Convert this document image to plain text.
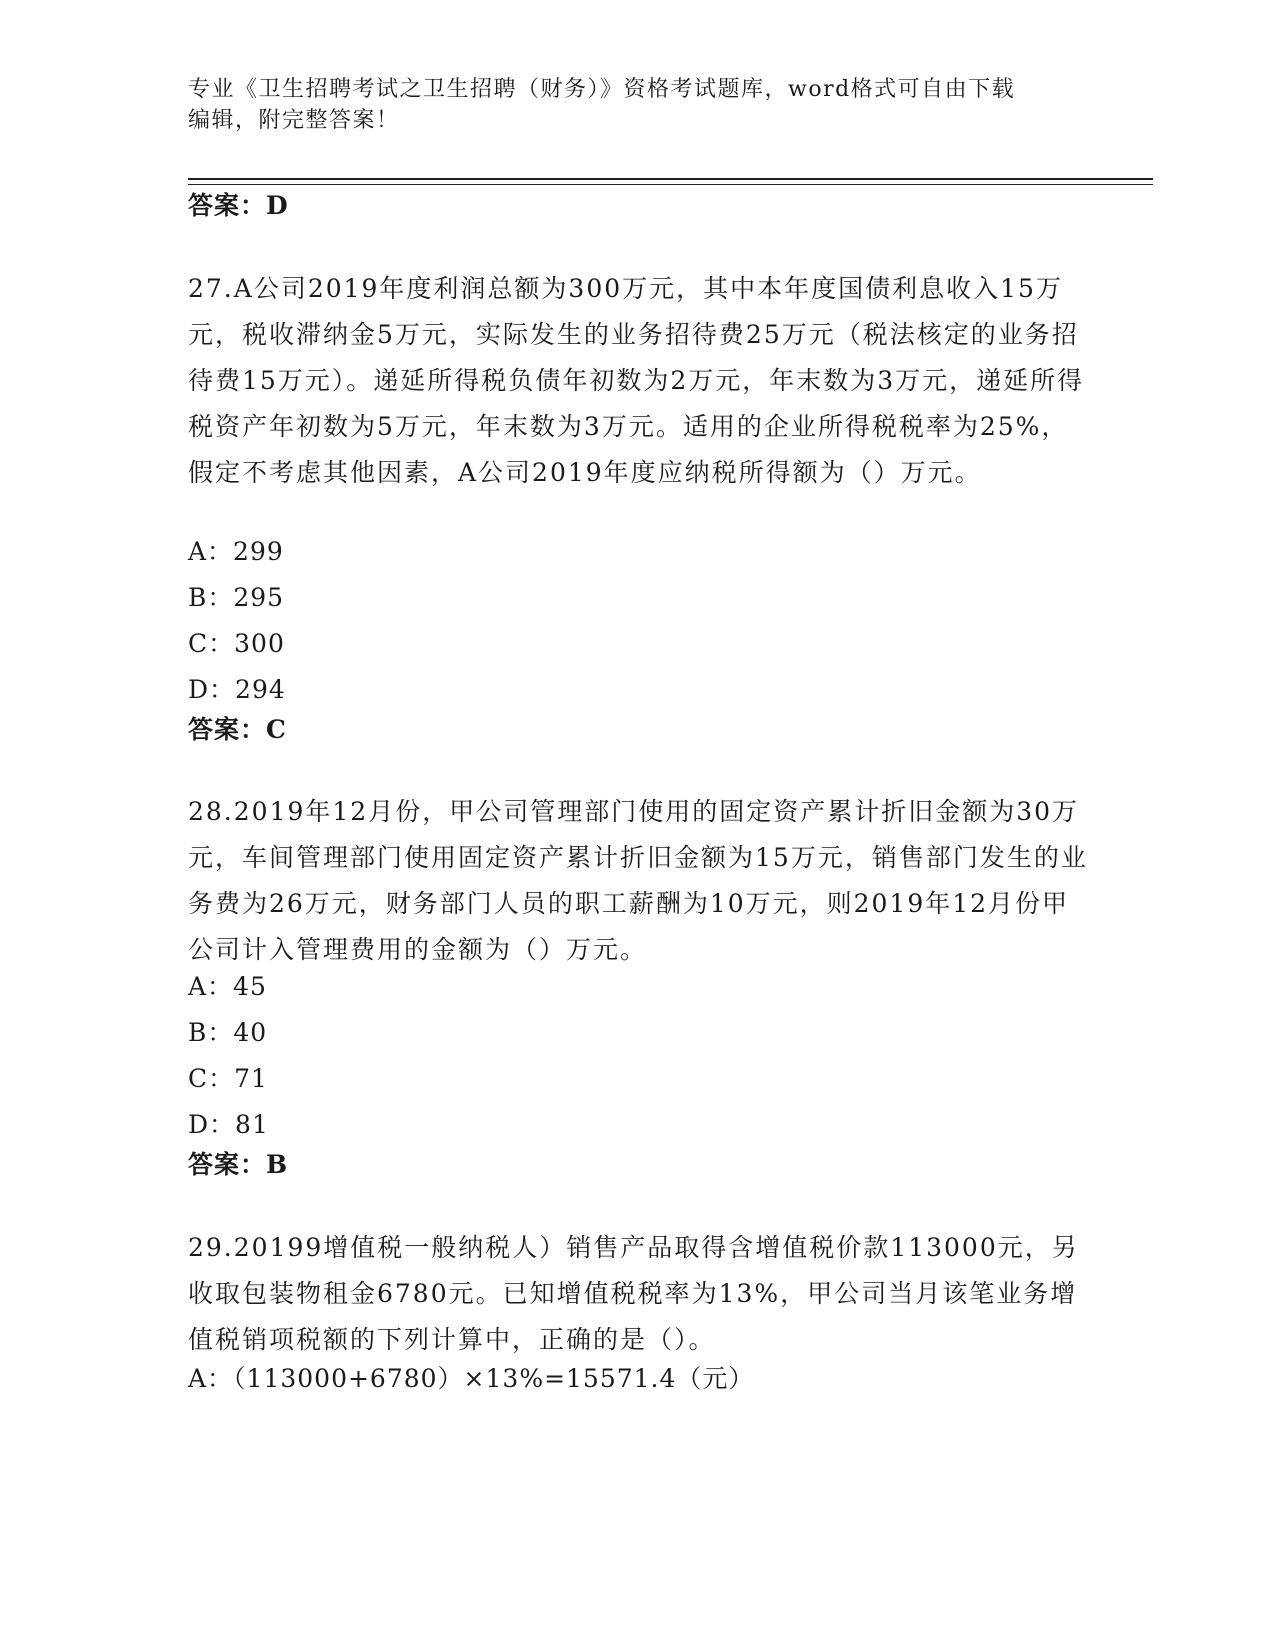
专业《卫生招聘考试之卫生招聘（财务）》资格考试题库，word格式可自由下载
编辑，附完整答案！
答案：D
27.A公司2019年度利润总额为300万元，其中本年度国债利息收入15万元，税收滞纳金5万元，实际发生的业务招待费25万元（税法核定的业务招待费15万元）。递延所得税负债年初数为2万元，年末数为3万元，递延所得税资产年初数为5万元，年末数为3万元。适用的企业所得税税率为25%，假定不考虑其他因素，A公司2019年度应纳税所得额为（）万元。
A：299
B：295
C：300
D：294
答案：C
28.2019年12月份，甲公司管理部门使用的固定资产累计折旧金额为30万元，车间管理部门使用固定资产累计折旧金额为15万元，销售部门发生的业务费为26万元，财务部门人员的职工薪酬为10万元，则2019年12月份甲公司计入管理费用的金额为（）万元。
A：45
B：40
C：71
D：81
答案：B
29.20199增值税一般纳税人）销售产品取得含增值税价款113000元，另收取包装物租金6780元。已知增值税税率为13%，甲公司当月该笔业务增值税销项税额的下列计算中，正确的是（）。
A：（113000+6780）×13%=15571.4（元）
